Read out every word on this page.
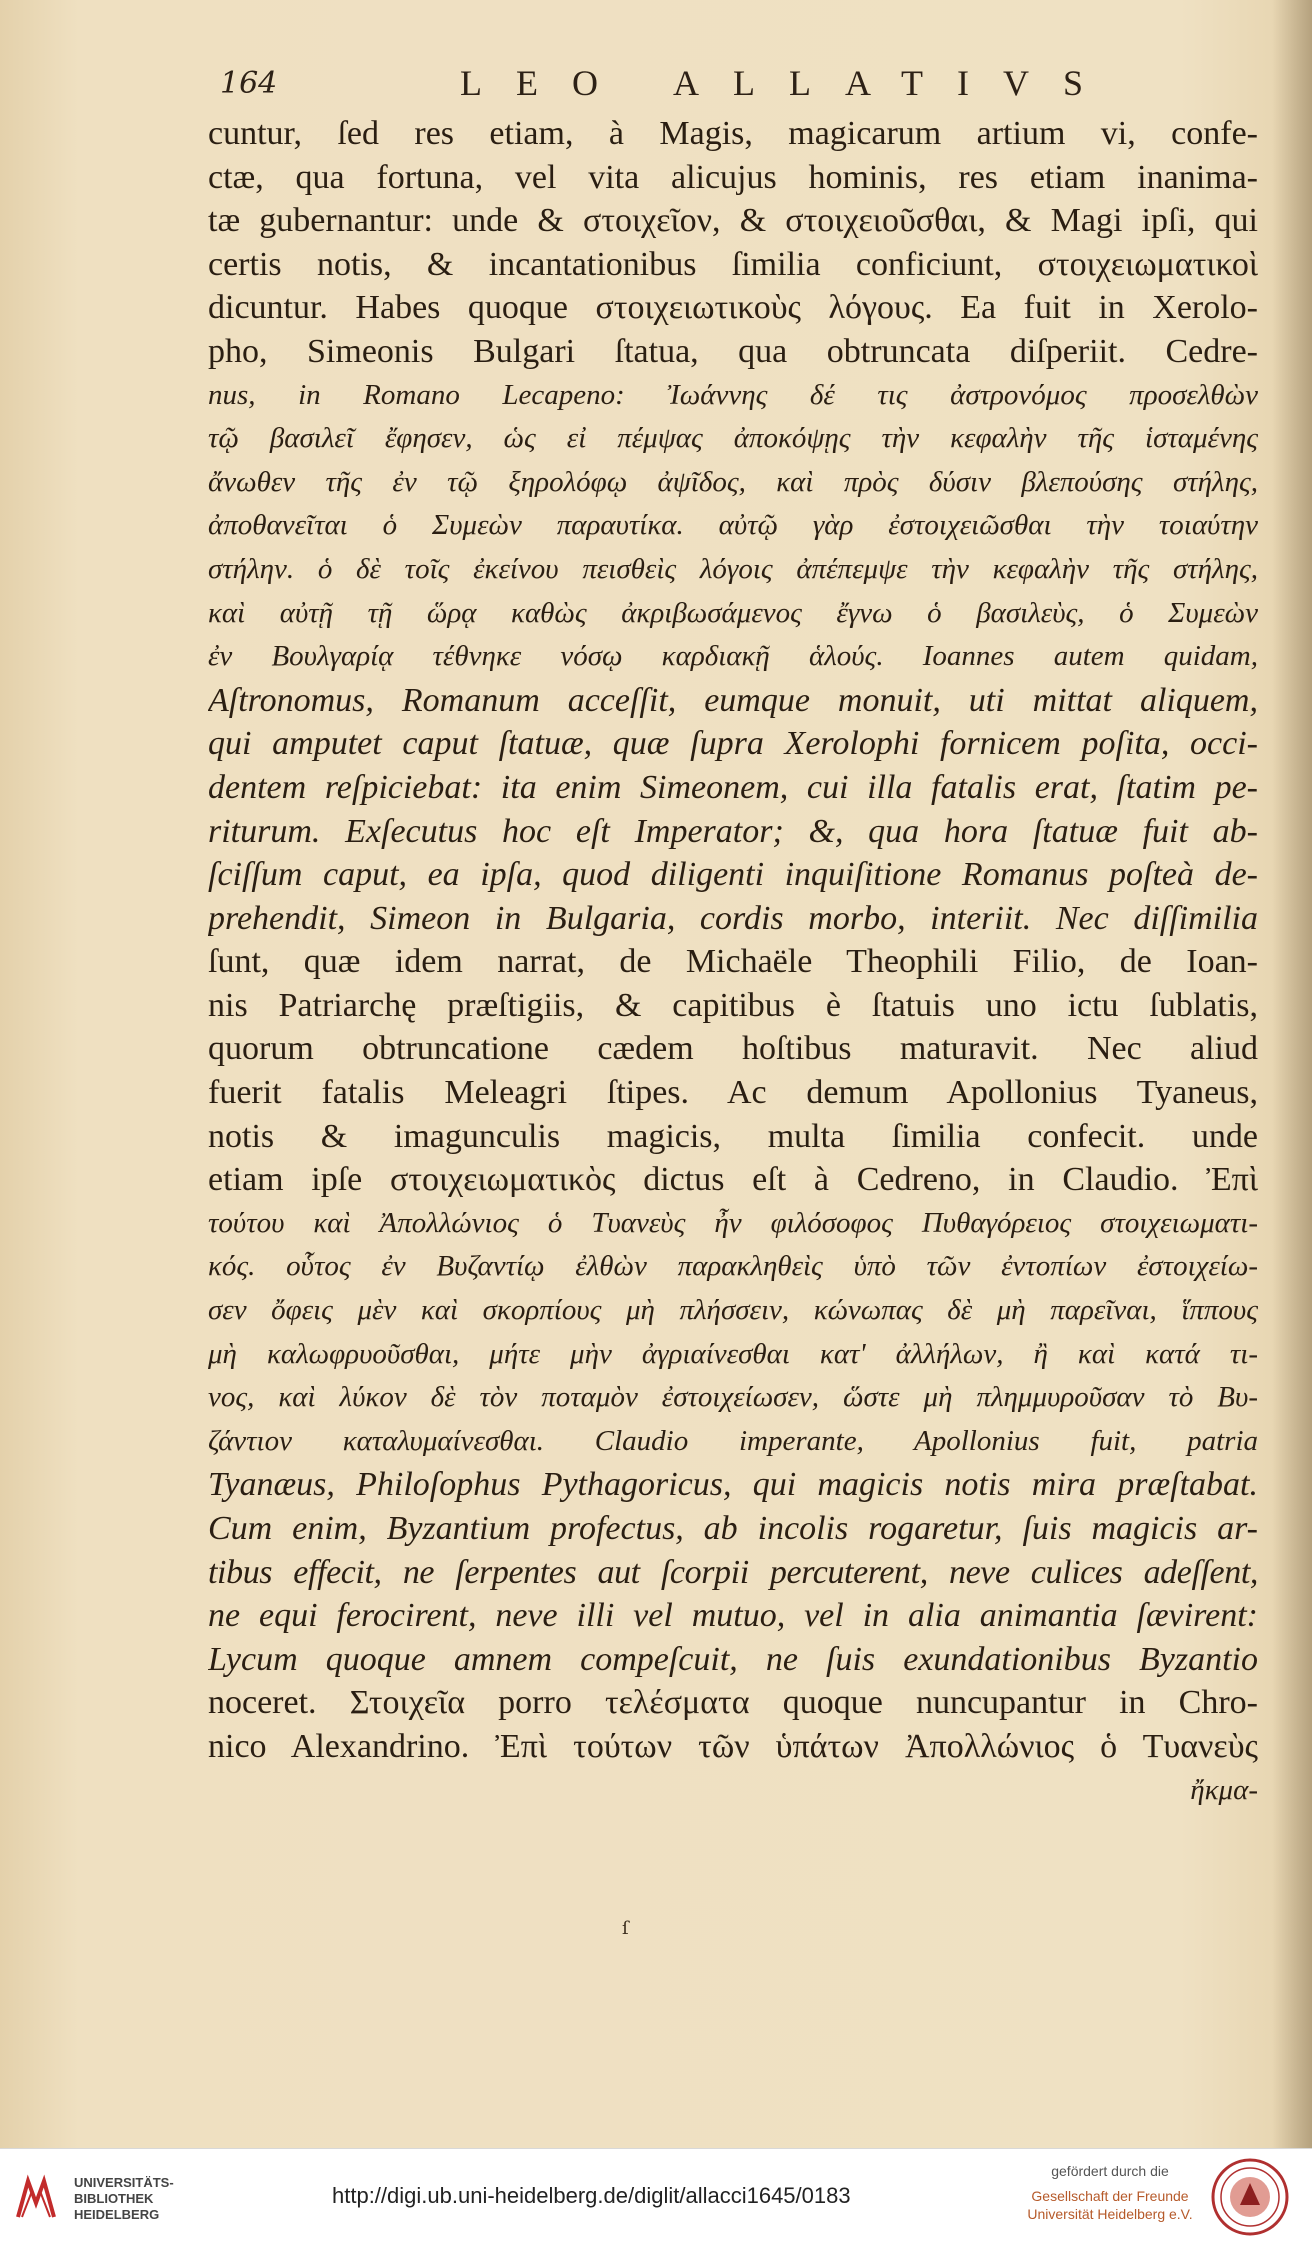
164	LEO ALLATIVS
cuntur, ſed res etiam, à Magis, magicarum artium vi, confe-
ctæ, qua fortuna, vel vita alicujus hominis, res etiam inanima-
tæ gubernantur: unde & στοιχεῖον, & στοιχειοῦσθαι, & Magi ipſi, qui
certis notis, & incantationibus ſimilia conficiunt, στοιχειωματικοὶ
dicuntur. Habes quoque στοιχειωτικοὺς λόγους. Ea fuit in Xerolo-
pho, Simeonis Bulgari ſtatua, qua obtruncata diſperiit. Cedre-
nus, in Romano Lecapeno: Ἰωάννης δέ τις ἀστρονόμος προσελθὼν
τῷ βασιλεῖ ἔφησεν, ὡς εἰ πέμψας ἀποκόψῃς τὴν κεφαλὴν τῆς ἱσταμένης
ἄνωθεν τῆς ἐν τῷ ξηρολόφῳ ἀψῖδος, καὶ πρὸς δύσιν βλεπούσης στήλης,
ἀποθανεῖται ὁ Συμεὼν παραυτίκα. αὐτῷ γὰρ ἐστοιχειῶσθαι τὴν τοιαύτην
στήλην. ὁ δὲ τοῖς ἐκείνου πεισθεὶς λόγοις ἀπέπεμψε τὴν κεφαλὴν τῆς στήλης,
καὶ αὐτῇ τῇ ὥρᾳ καθὼς ἀκριβωσάμενος ἔγνω ὁ βασιλεὺς, ὁ Συμεὼν
ἐν Βουλγαρίᾳ τέθνηκε νόσῳ καρδιακῇ ἁλούς. Ioannes autem quidam,
Aſtronomus, Romanum acceſſit, eumque monuit, uti mittat aliquem,
qui amputet caput ſtatuæ, quæ ſupra Xerolophi fornicem poſita, occi-
dentem reſpiciebat: ita enim Simeonem, cui illa fatalis erat, ſtatim pe-
riturum. Exſecutus hoc eſt Imperator; &, qua hora ſtatuæ fuit ab-
ſciſſum caput, ea ipſa, quod diligenti inquiſitione Romanus poſteà de-
prehendit, Simeon in Bulgaria, cordis morbo, interiit. Nec diſſimilia
ſunt, quæ idem narrat, de Michaële Theophili Filio, de Ioan-
nis Patriarchę præſtigiis, & capitibus è ſtatuis uno ictu ſublatis,
quorum obtruncatione cædem hoſtibus maturavit. Nec aliud
fuerit fatalis Meleagri ſtipes. Ac demum Apollonius Tyaneus,
notis & imagunculis magicis, multa ſimilia confecit. unde
etiam ipſe στοιχειωματικὸς dictus eſt à Cedreno, in Claudio. Ἐπὶ
τούτου καὶ Ἀπολλώνιος ὁ Τυανεὺς ἦν φιλόσοφος Πυθαγόρειος στοιχειωματι-
κός. οὗτος ἐν Βυζαντίῳ ἐλθὼν παρακληθεὶς ὑπὸ τῶν ἐντοπίων ἐστοιχείω-
σεν ὄφεις μὲν καὶ σκορπίους μὴ πλήσσειν, κώνωπας δὲ μὴ παρεῖναι, ἵππους
μὴ καλωφρυοῦσθαι, μήτε μὴν ἀγριαίνεσθαι κατ' ἀλλήλων, ἢ καὶ κατά τι-
νος, καὶ λύκον δὲ τὸν ποταμὸν ἐστοιχείωσεν, ὥστε μὴ πλημμυροῦσαν τὸ Βυ-
ζάντιον καταλυμαίνεσθαι. Claudio imperante, Apollonius fuit, patria
Tyanæus, Philoſophus Pythagoricus, qui magicis notis mira præſtabat.
Cum enim, Byzantium profectus, ab incolis rogaretur, ſuis magicis ar-
tibus effecit, ne ſerpentes aut ſcorpii percuterent, neve culices adeſſent,
ne equi ferocirent, neve illi vel mutuo, vel in alia animantia ſævirent:
Lycum quoque amnem compeſcuit, ne ſuis exundationibus Byzantio
noceret. Στοιχεῖα porro τελέσματα quoque nuncupantur in Chro-
nico Alexandrino. Ἐπὶ τούτων τῶν ὑπάτων Ἀπολλώνιος ὁ Τυανεὺς
ἤκμα-
ſ
UNIVERSITÄTS-
BIBLIOTHEK
HEIDELBERG
http://digi.ub.uni-heidelberg.de/diglit/allacci1645/0183
gefördert durch die
Gesellschaft der Freunde
Universität Heidelberg e.V.
